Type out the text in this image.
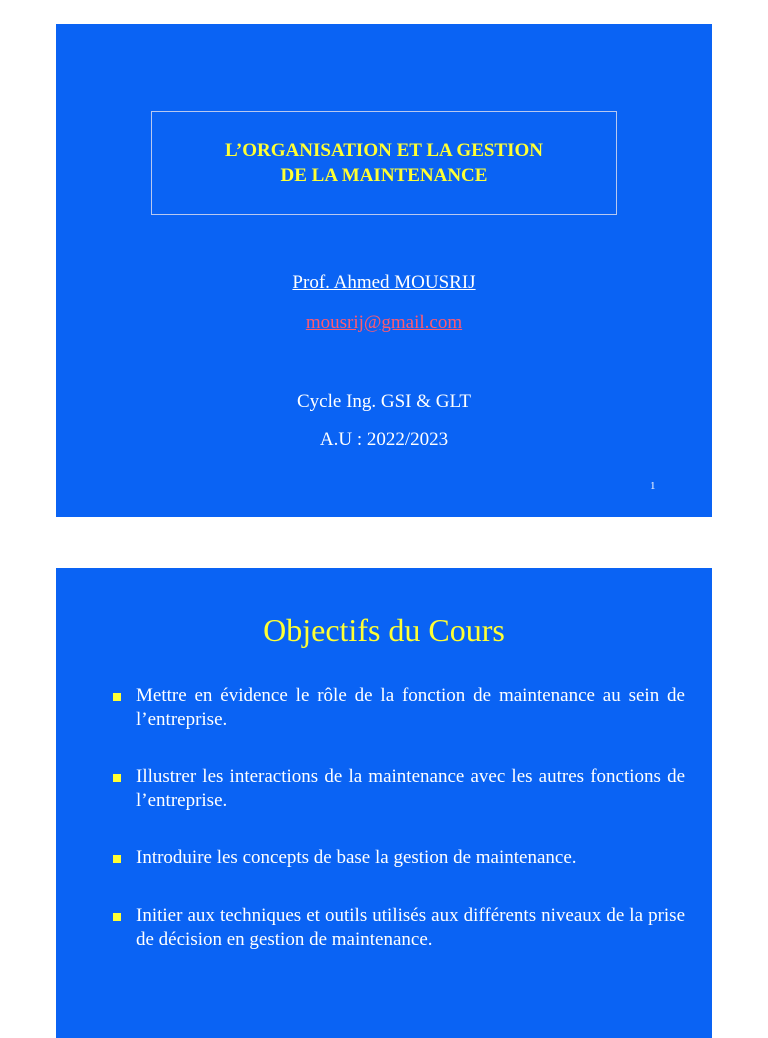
L’ORGANISATION ET LA GESTION
DE LA MAINTENANCE
Prof. Ahmed MOUSRIJ
mousrij@gmail.com
Cycle Ing. GSI & GLT
A.U : 2022/2023
1
Objectifs du Cours
Mettre en évidence le rôle de la fonction de maintenance au sein de l’entreprise.
Illustrer les interactions de la maintenance avec les autres fonctions de l’entreprise.
Introduire les concepts de base la gestion de maintenance.
Initier aux techniques et outils utilisés aux différents niveaux de la prise de décision en gestion de maintenance.
